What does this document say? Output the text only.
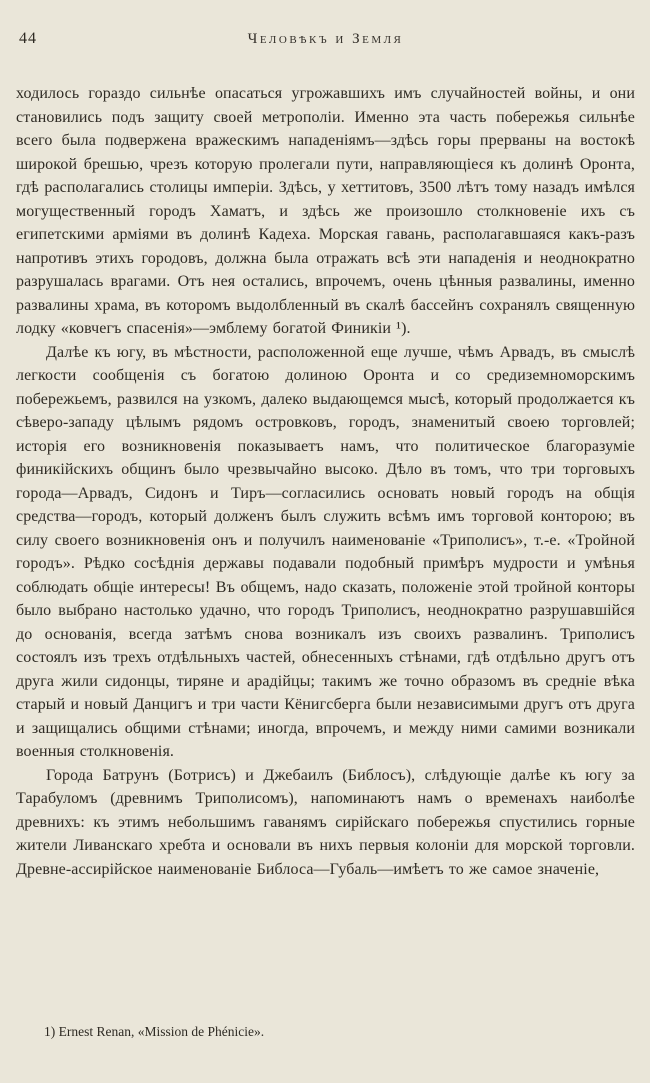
44	Человѣкъ и Земля

ходилось гораздо сильнѣе опасаться угрожавшихъ имъ случайностей войны, и они становились подъ защиту своей метрополіи. Именно эта часть побережья сильнѣе всего была подвержена вражескимъ нападеніямъ—здѣсь горы прерваны на востокѣ широкой брешью, чрезъ которую пролегали пути, направляющіеся къ долинѣ Оронта, гдѣ располагались столицы имперіи. Здѣсь, у хеттитовъ, 3500 лѣтъ тому назадъ имѣлся могущественный городъ Хаматъ, и здѣсь же произошло столкновеніе ихъ съ египетскими арміями въ долинѣ Кадеха. Морская гавань, располагавшаяся какъ-разъ напротивъ этихъ городовъ, должна была отражать всѣ эти нападенія и неоднократно разрушалась врагами. Отъ нея остались, впрочемъ, очень цѣнныя развалины, именно развалины храма, въ которомъ выдолбленный въ скалѣ бассейнъ сохранялъ священную лодку «ковчегъ спасенія»—эмблему богатой Финикіи ¹).

Далѣе къ югу, въ мѣстности, расположенной еще лучше, чѣмъ Арвадъ, въ смыслѣ легкости сообщенія съ богатою долиною Оронта и со средиземноморскимъ побережьемъ, развился на узкомъ, далеко выдающемся мысѣ, который продолжается къ сѣверо-западу цѣлымъ рядомъ островковъ, городъ, знаменитый своею торговлей; исторія его возникновенія показываетъ намъ, что политическое благоразуміе финикійскихъ общинъ было чрезвычайно высоко. Дѣло въ томъ, что три торговыхъ города—Арвадъ, Сидонъ и Тиръ—согласились основать новый городъ на общія средства—городъ, который долженъ былъ служить всѣмъ имъ торговой конторою; въ силу своего возникновенія онъ и получилъ наименованіе «Триполисъ», т.-е. «Тройной городъ». Рѣдко сосѣднія державы подавали подобный примѣръ мудрости и умѣнья соблюдать общіе интересы! Въ общемъ, надо сказать, положеніе этой тройной конторы было выбрано настолько удачно, что городъ Триполисъ, неоднократно разрушавшійся до основанія, всегда затѣмъ снова возникалъ изъ своихъ развалинъ. Триполисъ состоялъ изъ трехъ отдѣльныхъ частей, обнесенныхъ стѣнами, гдѣ отдѣльно другъ отъ друга жили сидонцы, тиряне и арадійцы; такимъ же точно образомъ въ средніе вѣка старый и новый Данцигъ и три части Кёнигсберга были независимыми другъ отъ друга и защищались общими стѣнами; иногда, впрочемъ, и между ними самими возникали военныя столкновенія.

Города Батрунъ (Ботрисъ) и Джебаилъ (Библосъ), слѣдующіе далѣе къ югу за Тарабуломъ (древнимъ Триполисомъ), напоминаютъ намъ о временахъ наиболѣе древнихъ: къ этимъ небольшимъ гаванямъ сирійскаго побережья спустились горные жители Ливанскаго хребта и основали въ нихъ первыя колоніи для морской торговли. Древне-ассирійское наименованіе Библоса—Губаль—имѣетъ то же самое значеніе,

1) Ernest Renan, «Mission de Phénicie».
